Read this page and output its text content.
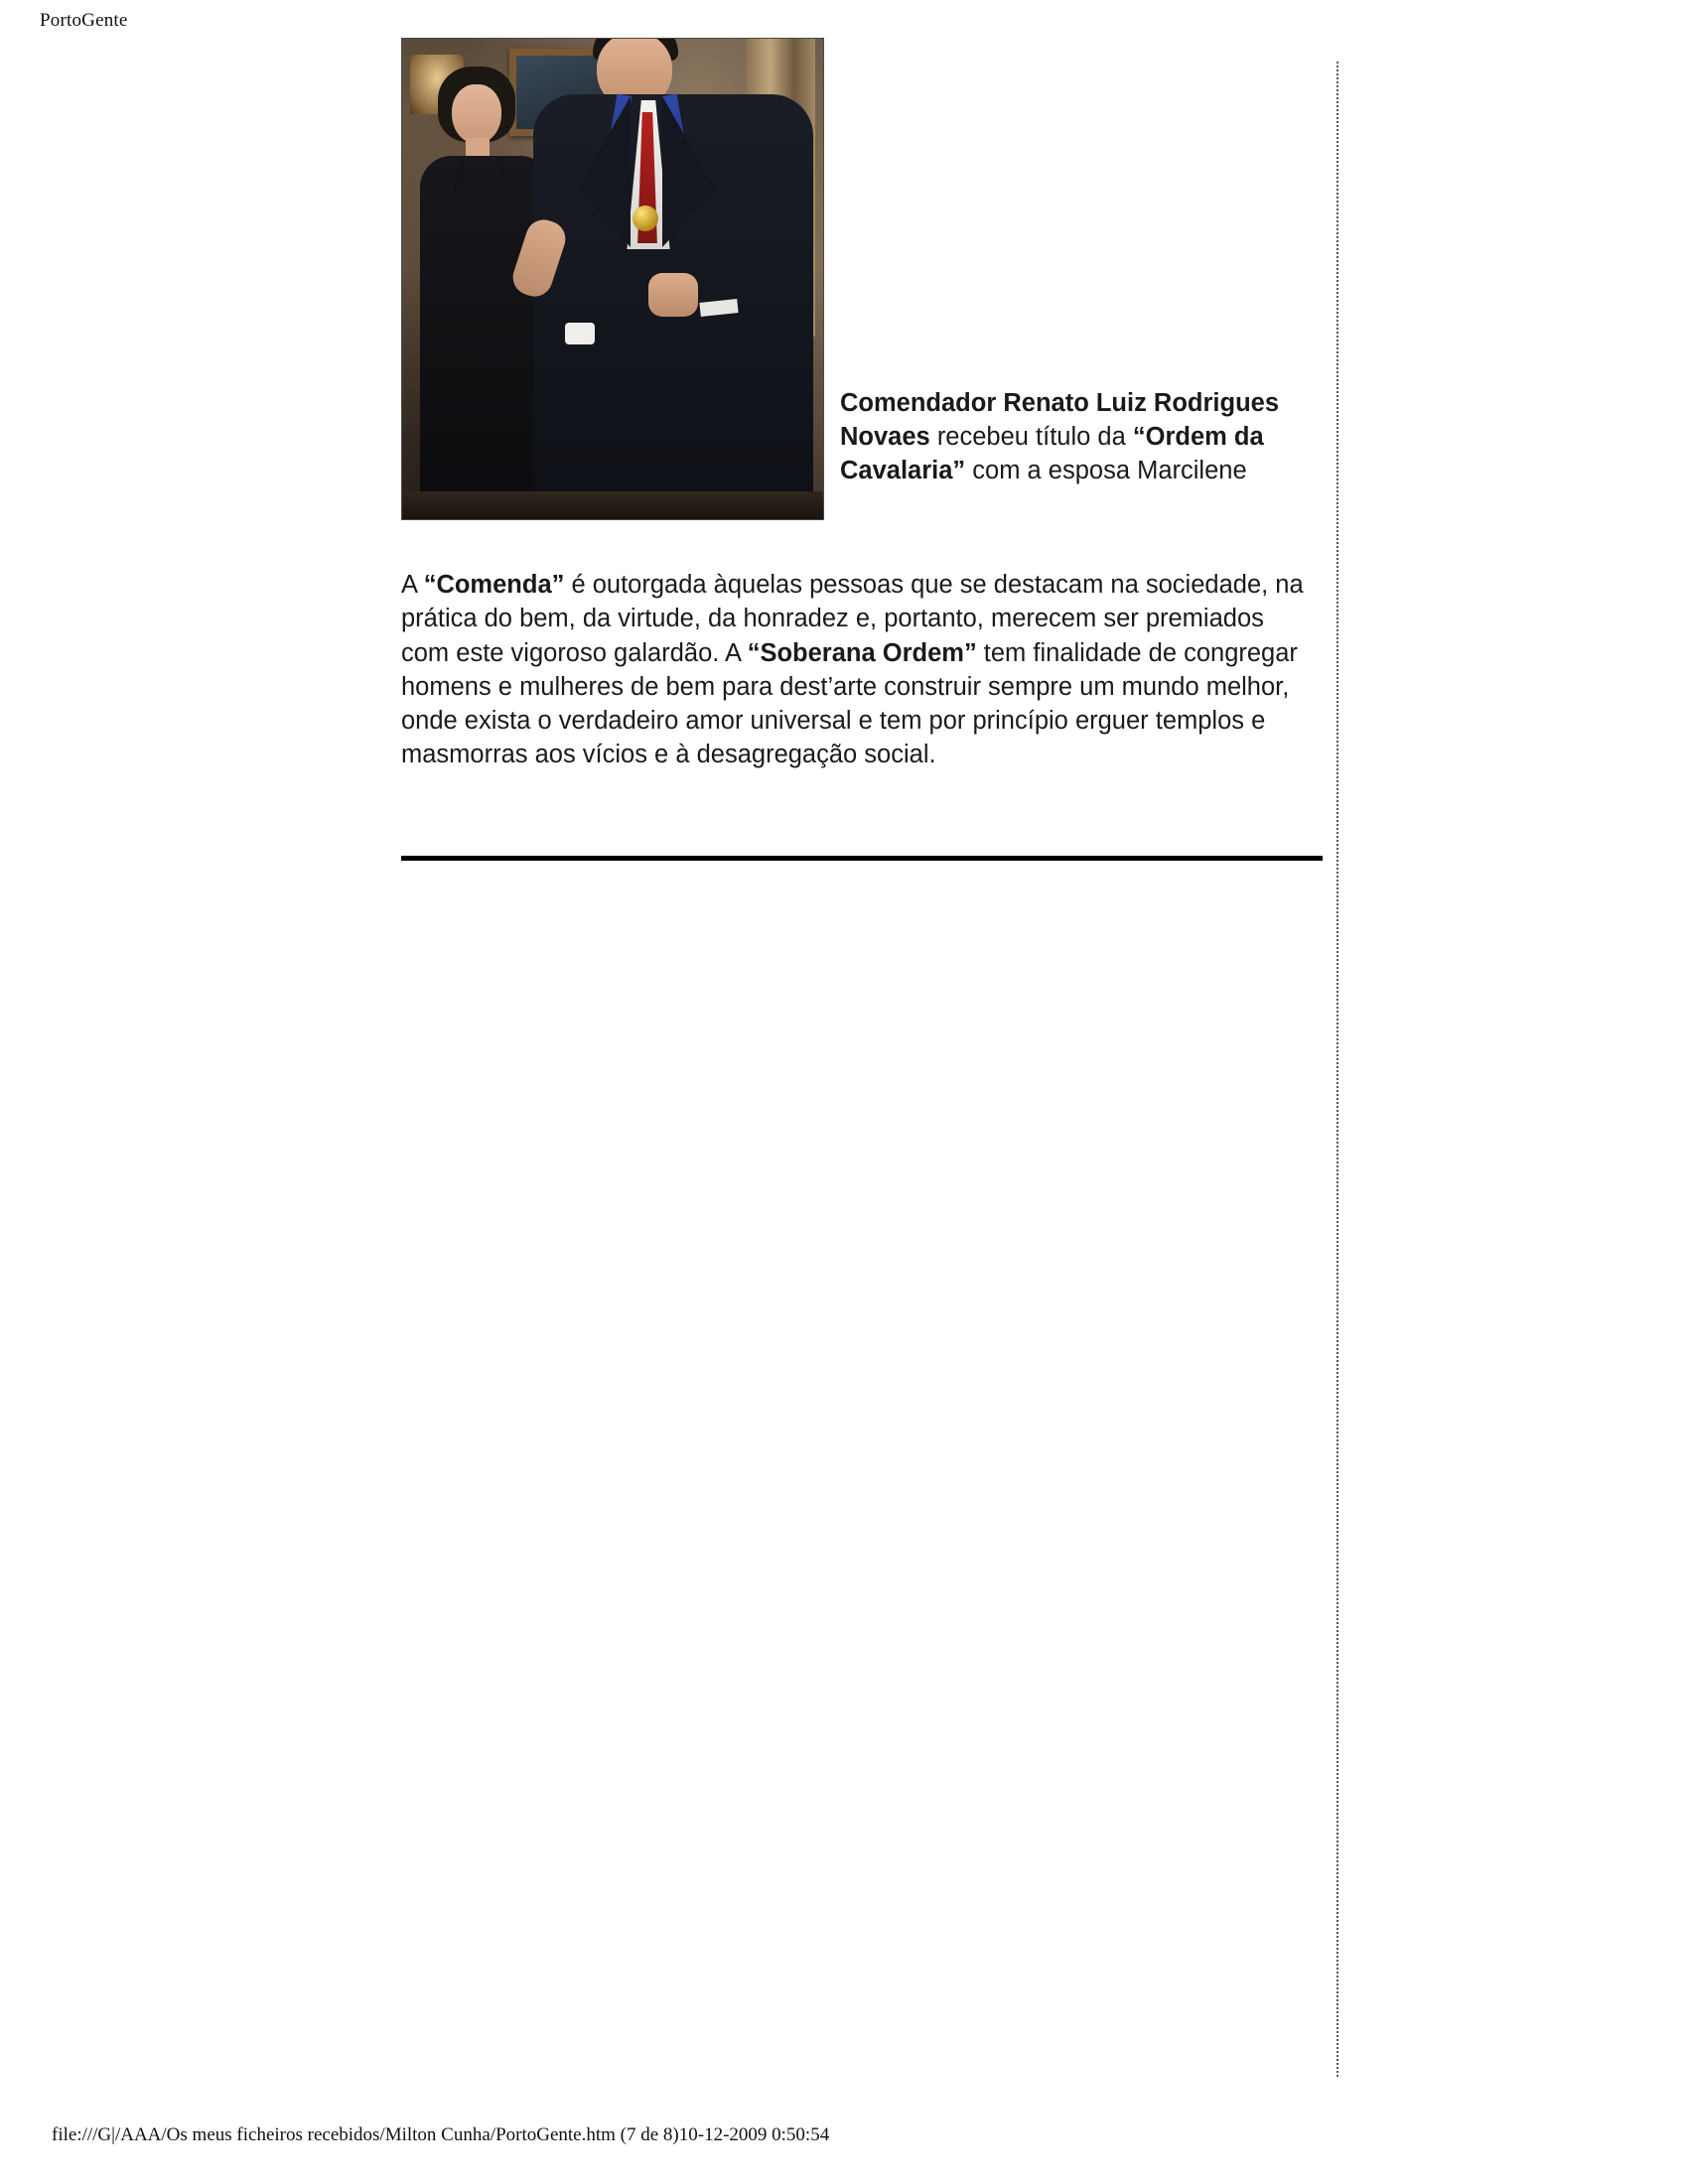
PortoGente
Comendador Renato Luiz Rodrigues Novaes recebeu título da “Ordem da Cavalaria” com a esposa Marcilene
A “Comenda” é outorgada àquelas pessoas que se destacam na sociedade, na prática do bem, da virtude, da honradez e, portanto, merecem ser premiados com este vigoroso galardão. A “Soberana Ordem” tem finalidade de congregar homens e mulheres de bem para dest’arte construir sempre um mundo melhor, onde exista o verdadeiro amor universal e tem por princípio erguer templos e masmorras aos vícios e à desagregação social.
file:///G|/AAA/Os meus ficheiros recebidos/Milton Cunha/PortoGente.htm (7 de 8)10-12-2009 0:50:54
